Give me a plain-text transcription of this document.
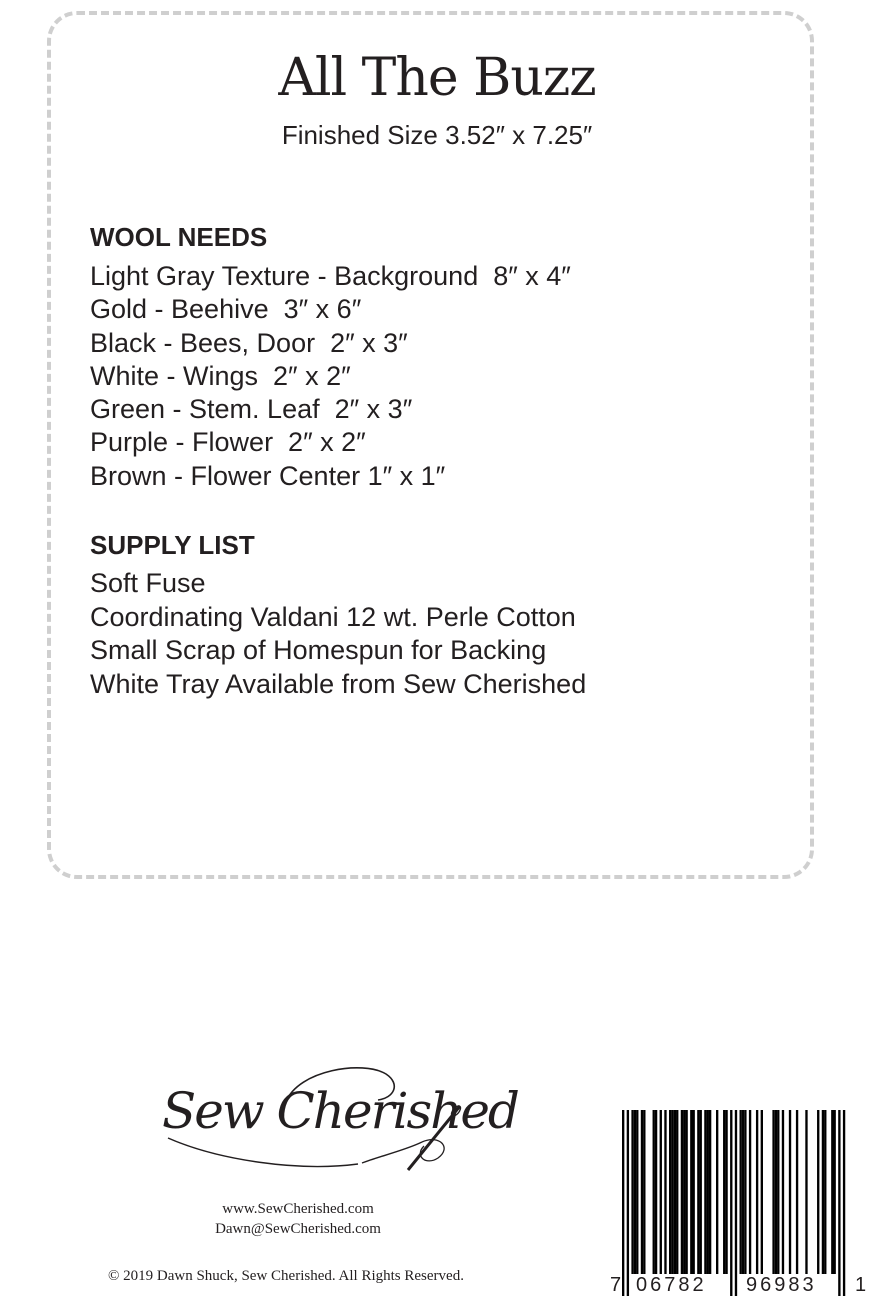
All The Buzz
Finished Size 3.52″ x 7.25″
WOOL NEEDS
Light Gray Texture - Background  8″ x 4″
Gold - Beehive  3″ x 6″
Black - Bees, Door  2″ x 3″
White - Wings  2″ x 2″
Green - Stem. Leaf  2″ x 3″
Purple - Flower  2″ x 2″
Brown - Flower Center 1″ x 1″
SUPPLY LIST
Soft Fuse
Coordinating Valdani 12 wt. Perle Cotton
Small Scrap of Homespun for Backing
White Tray Available from Sew Cherished
Sew Cherished
www.SewCherished.com
Dawn@SewCherished.com
© 2019 Dawn Shuck, Sew Cherished. All Rights Reserved.	7 06782 96983 1
